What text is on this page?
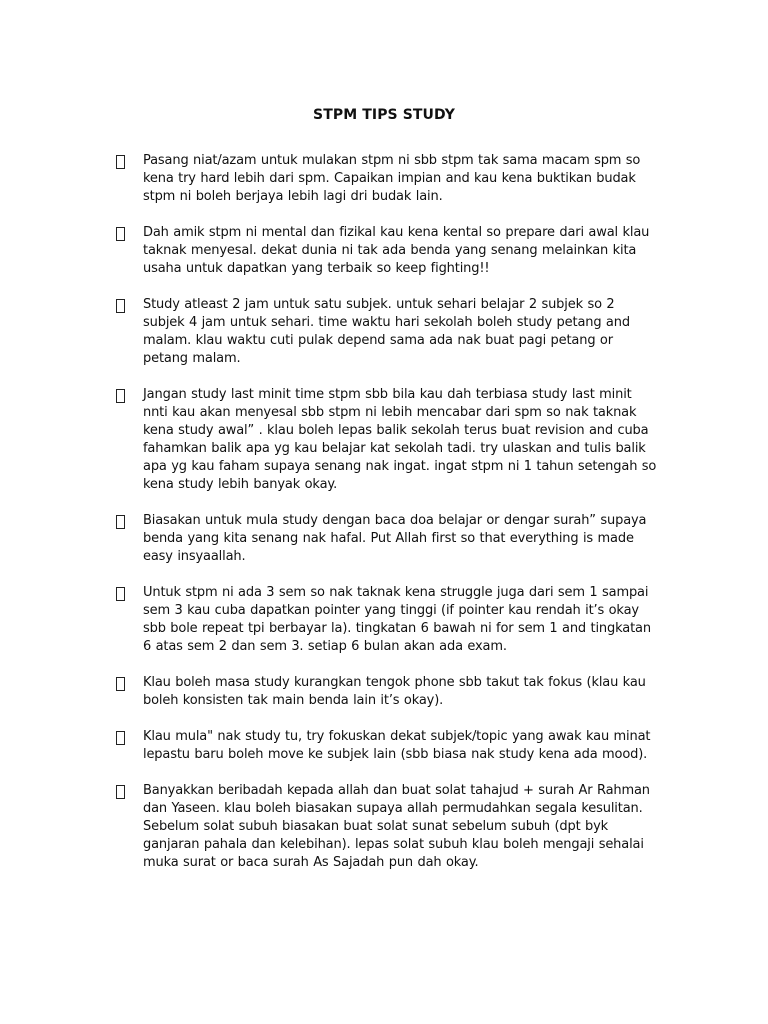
STPM TIPS STUDY
Pasang niat/azam untuk mulakan stpm ni sbb stpm tak sama macam spm so kena try hard lebih dari spm. Capaikan impian and kau kena buktikan budak stpm ni boleh berjaya lebih lagi dri budak lain.
Dah amik stpm ni mental dan fizikal kau kena kental so prepare dari awal klau taknak menyesal. dekat dunia ni tak ada benda yang senang melainkan kita usaha untuk dapatkan yang terbaik so keep fighting!!
Study atleast 2 jam untuk satu subjek. untuk sehari belajar 2 subjek so 2 subjek 4 jam untuk sehari. time waktu hari sekolah boleh study petang and malam. klau waktu cuti pulak depend sama ada nak buat pagi petang or petang malam.
Jangan study last minit time stpm sbb bila kau dah terbiasa study last minit nnti kau akan menyesal sbb stpm ni lebih mencabar dari spm so nak taknak kena study awal” . klau boleh lepas balik sekolah terus buat revision and cuba fahamkan balik apa yg kau belajar kat sekolah tadi. try ulaskan and tulis balik apa yg kau faham supaya senang nak ingat. ingat stpm ni 1 tahun setengah so kena study lebih banyak okay.
Biasakan untuk mula study dengan baca doa belajar or dengar surah” supaya benda yang kita senang nak hafal. Put Allah first so that everything is made easy insyaallah.
Untuk stpm ni ada 3 sem so nak taknak kena struggle juga dari sem 1 sampai sem 3 kau cuba dapatkan pointer yang tinggi (if pointer kau rendah it’s okay sbb bole repeat tpi berbayar la). tingkatan 6 bawah ni for sem 1 and tingkatan 6 atas sem 2 dan sem 3. setiap 6 bulan akan ada exam.
Klau boleh masa study kurangkan tengok phone sbb takut tak fokus (klau kau boleh konsisten tak main benda lain it’s okay).
Klau mula" nak study tu, try fokuskan dekat subjek/topic yang awak kau minat lepastu baru boleh move ke subjek lain (sbb biasa nak study kena ada mood).
Banyakkan beribadah kepada allah dan buat solat tahajud + surah Ar Rahman dan Yaseen. klau boleh biasakan supaya allah permudahkan segala kesulitan. Sebelum solat subuh biasakan buat solat sunat sebelum subuh (dpt byk ganjaran pahala dan kelebihan). lepas solat subuh klau boleh mengaji sehalai muka surat or baca surah As Sajadah pun dah okay.
